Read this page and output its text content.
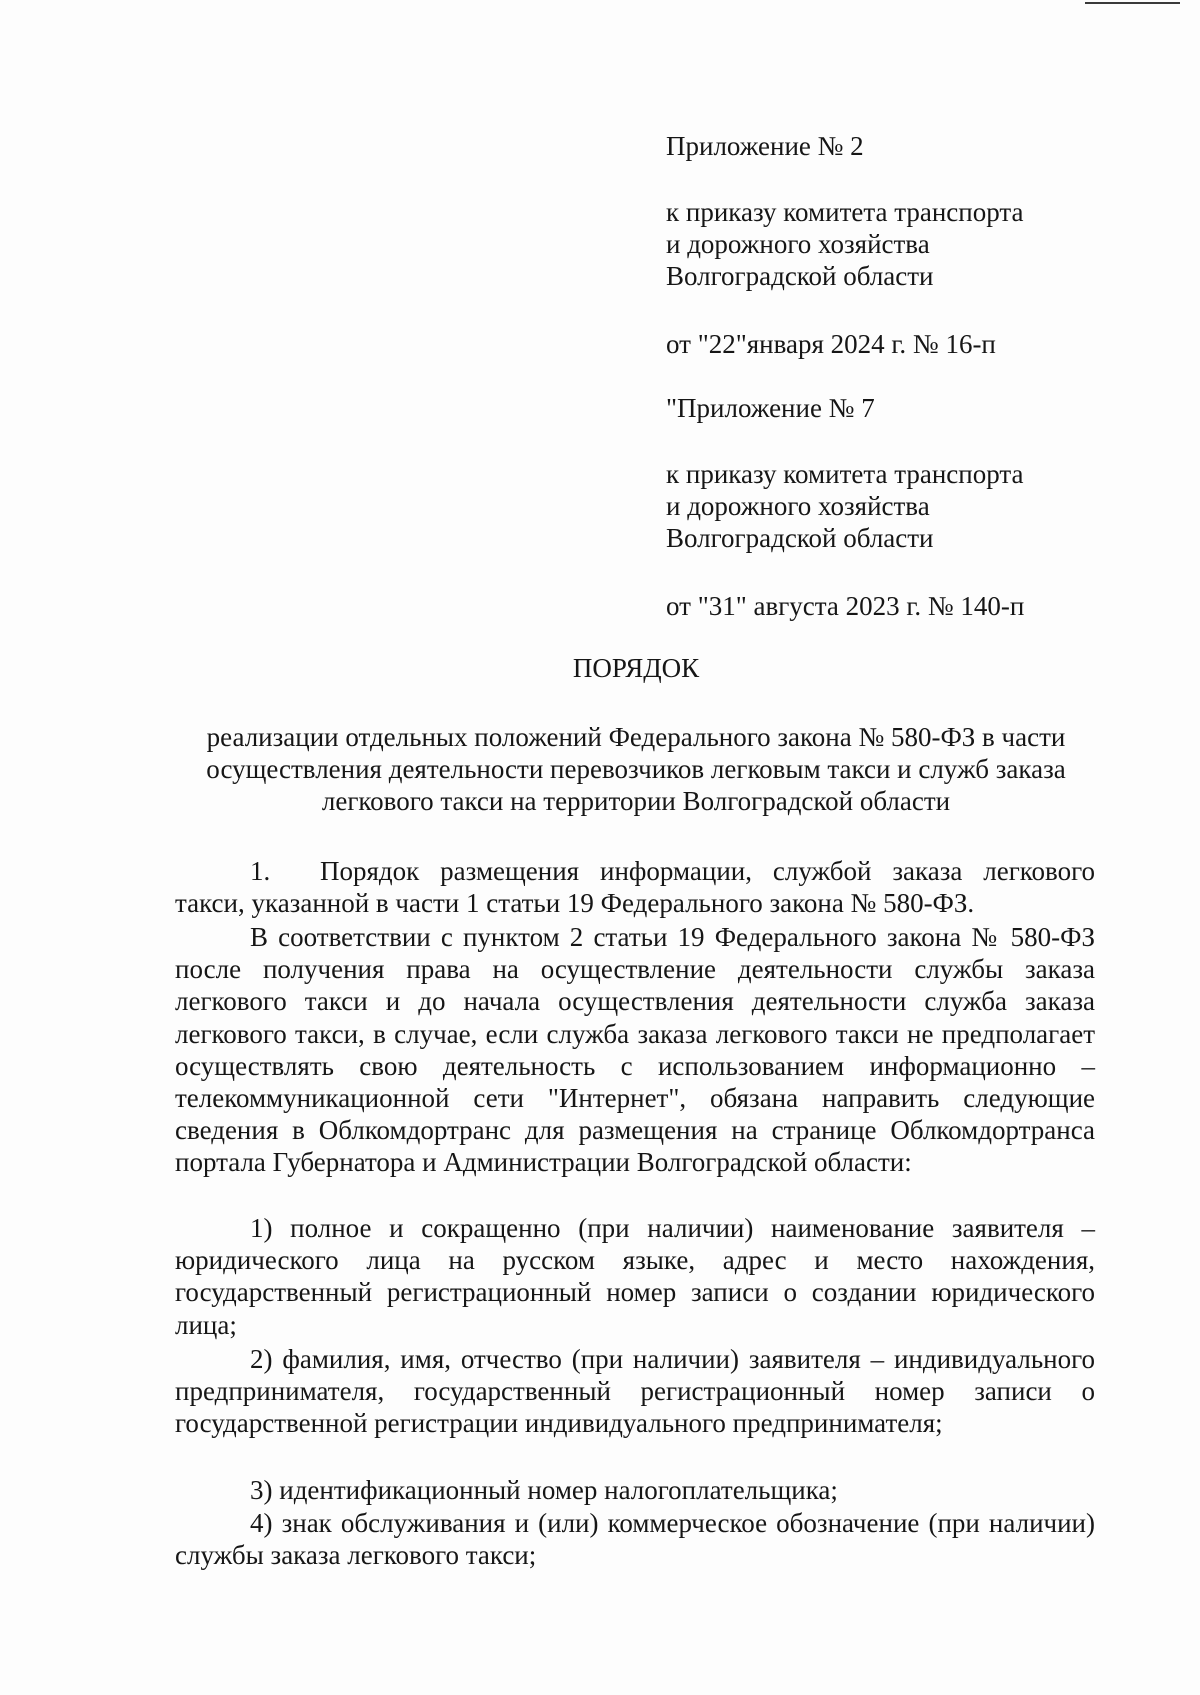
Приложение № 2
к приказу комитета транспорта
и дорожного хозяйства
Волгоградской области
от "22"января 2024 г. № 16-п
"Приложение № 7
к приказу комитета транспорта
и дорожного хозяйства
Волгоградской области
от "31" августа 2023 г. № 140-п
ПОРЯДОК
реализации отдельных положений Федерального закона № 580-ФЗ в части
осуществления деятельности перевозчиков легковым такси и служб заказа
легкового такси на территории Волгоградской области
1. Порядок размещения информации, службой заказа легкового такси, указанной в части 1 статьи 19 Федерального закона № 580-ФЗ.
В соответствии с пунктом 2 статьи 19 Федерального закона № 580-ФЗ после получения права на осуществление деятельности службы заказа легкового такси и до начала осуществления деятельности служба заказа легкового такси, в случае, если служба заказа легкового такси не предполагает осуществлять свою деятельность с использованием информационно – телекоммуникационной сети "Интернет", обязана направить следующие сведения в Облкомдортранс для размещения на странице Облкомдортранса портала Губернатора и Администрации Волгоградской области:
1) полное и сокращенно (при наличии) наименование заявителя – юридического лица на русском языке, адрес и место нахождения, государственный регистрационный номер записи о создании юридического лица;
2) фамилия, имя, отчество (при наличии) заявителя – индивидуального предпринимателя, государственный регистрационный номер записи о государственной регистрации индивидуального предпринимателя;
3) идентификационный номер налогоплательщика;
4) знак обслуживания и (или) коммерческое обозначение (при наличии) службы заказа легкового такси;
